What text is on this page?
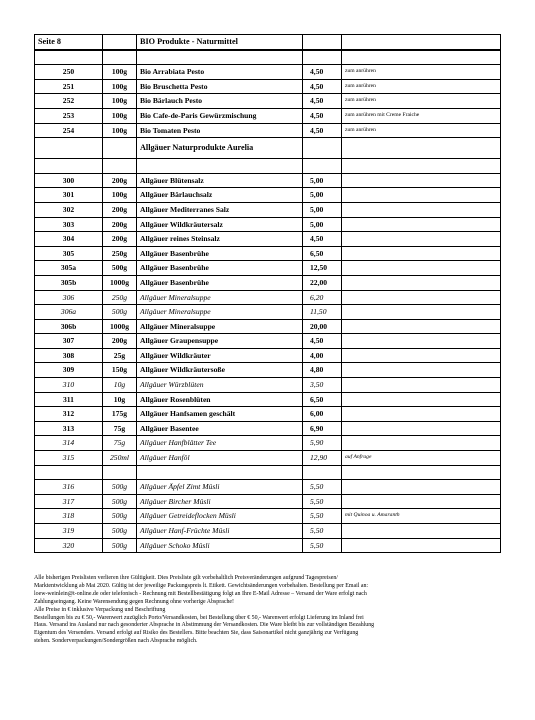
Seite 8		BIO Produkte - Naturmittel		

250	100g	Bio Arrabiata Pesto	4,50	zum anrühren
251	100g	Bio Bruschetta Pesto	4,50	zum anrühren
252	100g	Bio Bärlauch Pesto	4,50	zum anrühren
253	100g	Bio Cafe-de-Paris Gewürzmischung	4,50	zum anrühren mit Creme Fraiche
254	100g	Bio Tomaten Pesto	4,50	zum anrühren
		Allgäuer Naturprodukte Aurelia		

300	200g	Allgäuer Blütensalz	5,00	
301	100g	Allgäuer Bärlauchsalz	5,00	
302	200g	Allgäuer Mediterranes Salz	5,00	
303	200g	Allgäuer Wildkräutersalz	5,00	
304	200g	Allgäuer reines Steinsalz	4,50	
305	250g	Allgäuer Basenbrühe	6,50	
305a	500g	Allgäuer Basenbrühe	12,50	
305b	1000g	Allgäuer Basenbrühe	22,00	
306	250g	Allgäuer Mineralsuppe	6,20	
306a	500g	Allgäuer Mineralsuppe	11,50	
306b	1000g	Allgäuer Mineralsuppe	20,00	
307	200g	Allgäuer Graupensuppe	4,50	
308	25g	Allgäuer Wildkräuter	4,00	
309	150g	Allgäuer Wildkräutersoße	4,80	
310	10g	Allgäuer Würzblüten	3,50	
311	10g	Allgäuer Rosenblüten	6,50	
312	175g	Allgäuer Hanfsamen geschält	6,00	
313	75g	Allgäuer Basentee	6,90	
314	75g	Allgäuer Hanfblätter Tee	5,90	
315	250ml	Allgäuer Hanföl	12,90	auf Anfrage

316	500g	Allgäuer Äpfel Zimt Müsli	5,50	
317	500g	Allgäuer Bircher Müsli	5,50	
318	500g	Allgäuer Getreideflocken Müsli	5,50	mit Quinoa u. Amaranth
319	500g	Allgäuer Hanf-Früchte Müsli	5,50	
320	500g	Allgäuer Schoko Müsli	5,50	

Alle bisherigen Preislisten verlieren ihre Gültigkeit. Dies Preisliste gilt vorbehaltlich Preisveränderungen aufgrund Tagespreisen/

Marktentwicklung ab Mai 2020. Gültig ist der jeweilige Packungspreis lt. Etikett. Gewichtsänderungen vorbehalten. Bestellung per Email an:

loew-weinlein@t-online.de oder telefonisch - Rechnung mit Bestellbestätigung folgt an Ihre E-Mail Adresse – Versand der Ware erfolgt nach

Zahlungseingang. Keine Warensendung gegen Rechnung ohne vorherige Absprache!

Alle Preise in € inklusive Verpackung und Beschriftung

Bestellungen bis zu € 50,- Warenwert zuzüglich Porto/Versandkosten, bei Bestellung über € 50,- Warenwert erfolgt Lieferung im Inland frei

Haus. Versand ins Ausland nur nach gesonderter Absprache in Abstimmung der Versandkosten. Die Ware bleibt bis zur vollständigen Bezahlung

Eigentum des Versenders. Versand erfolgt auf Risiko des Bestellers. Bitte beachten Sie, dass Saisonartikel nicht ganzjährig zur Verfügung

stehen. Sonderverpackungen/Sondergrößen nach Absprache möglich.
